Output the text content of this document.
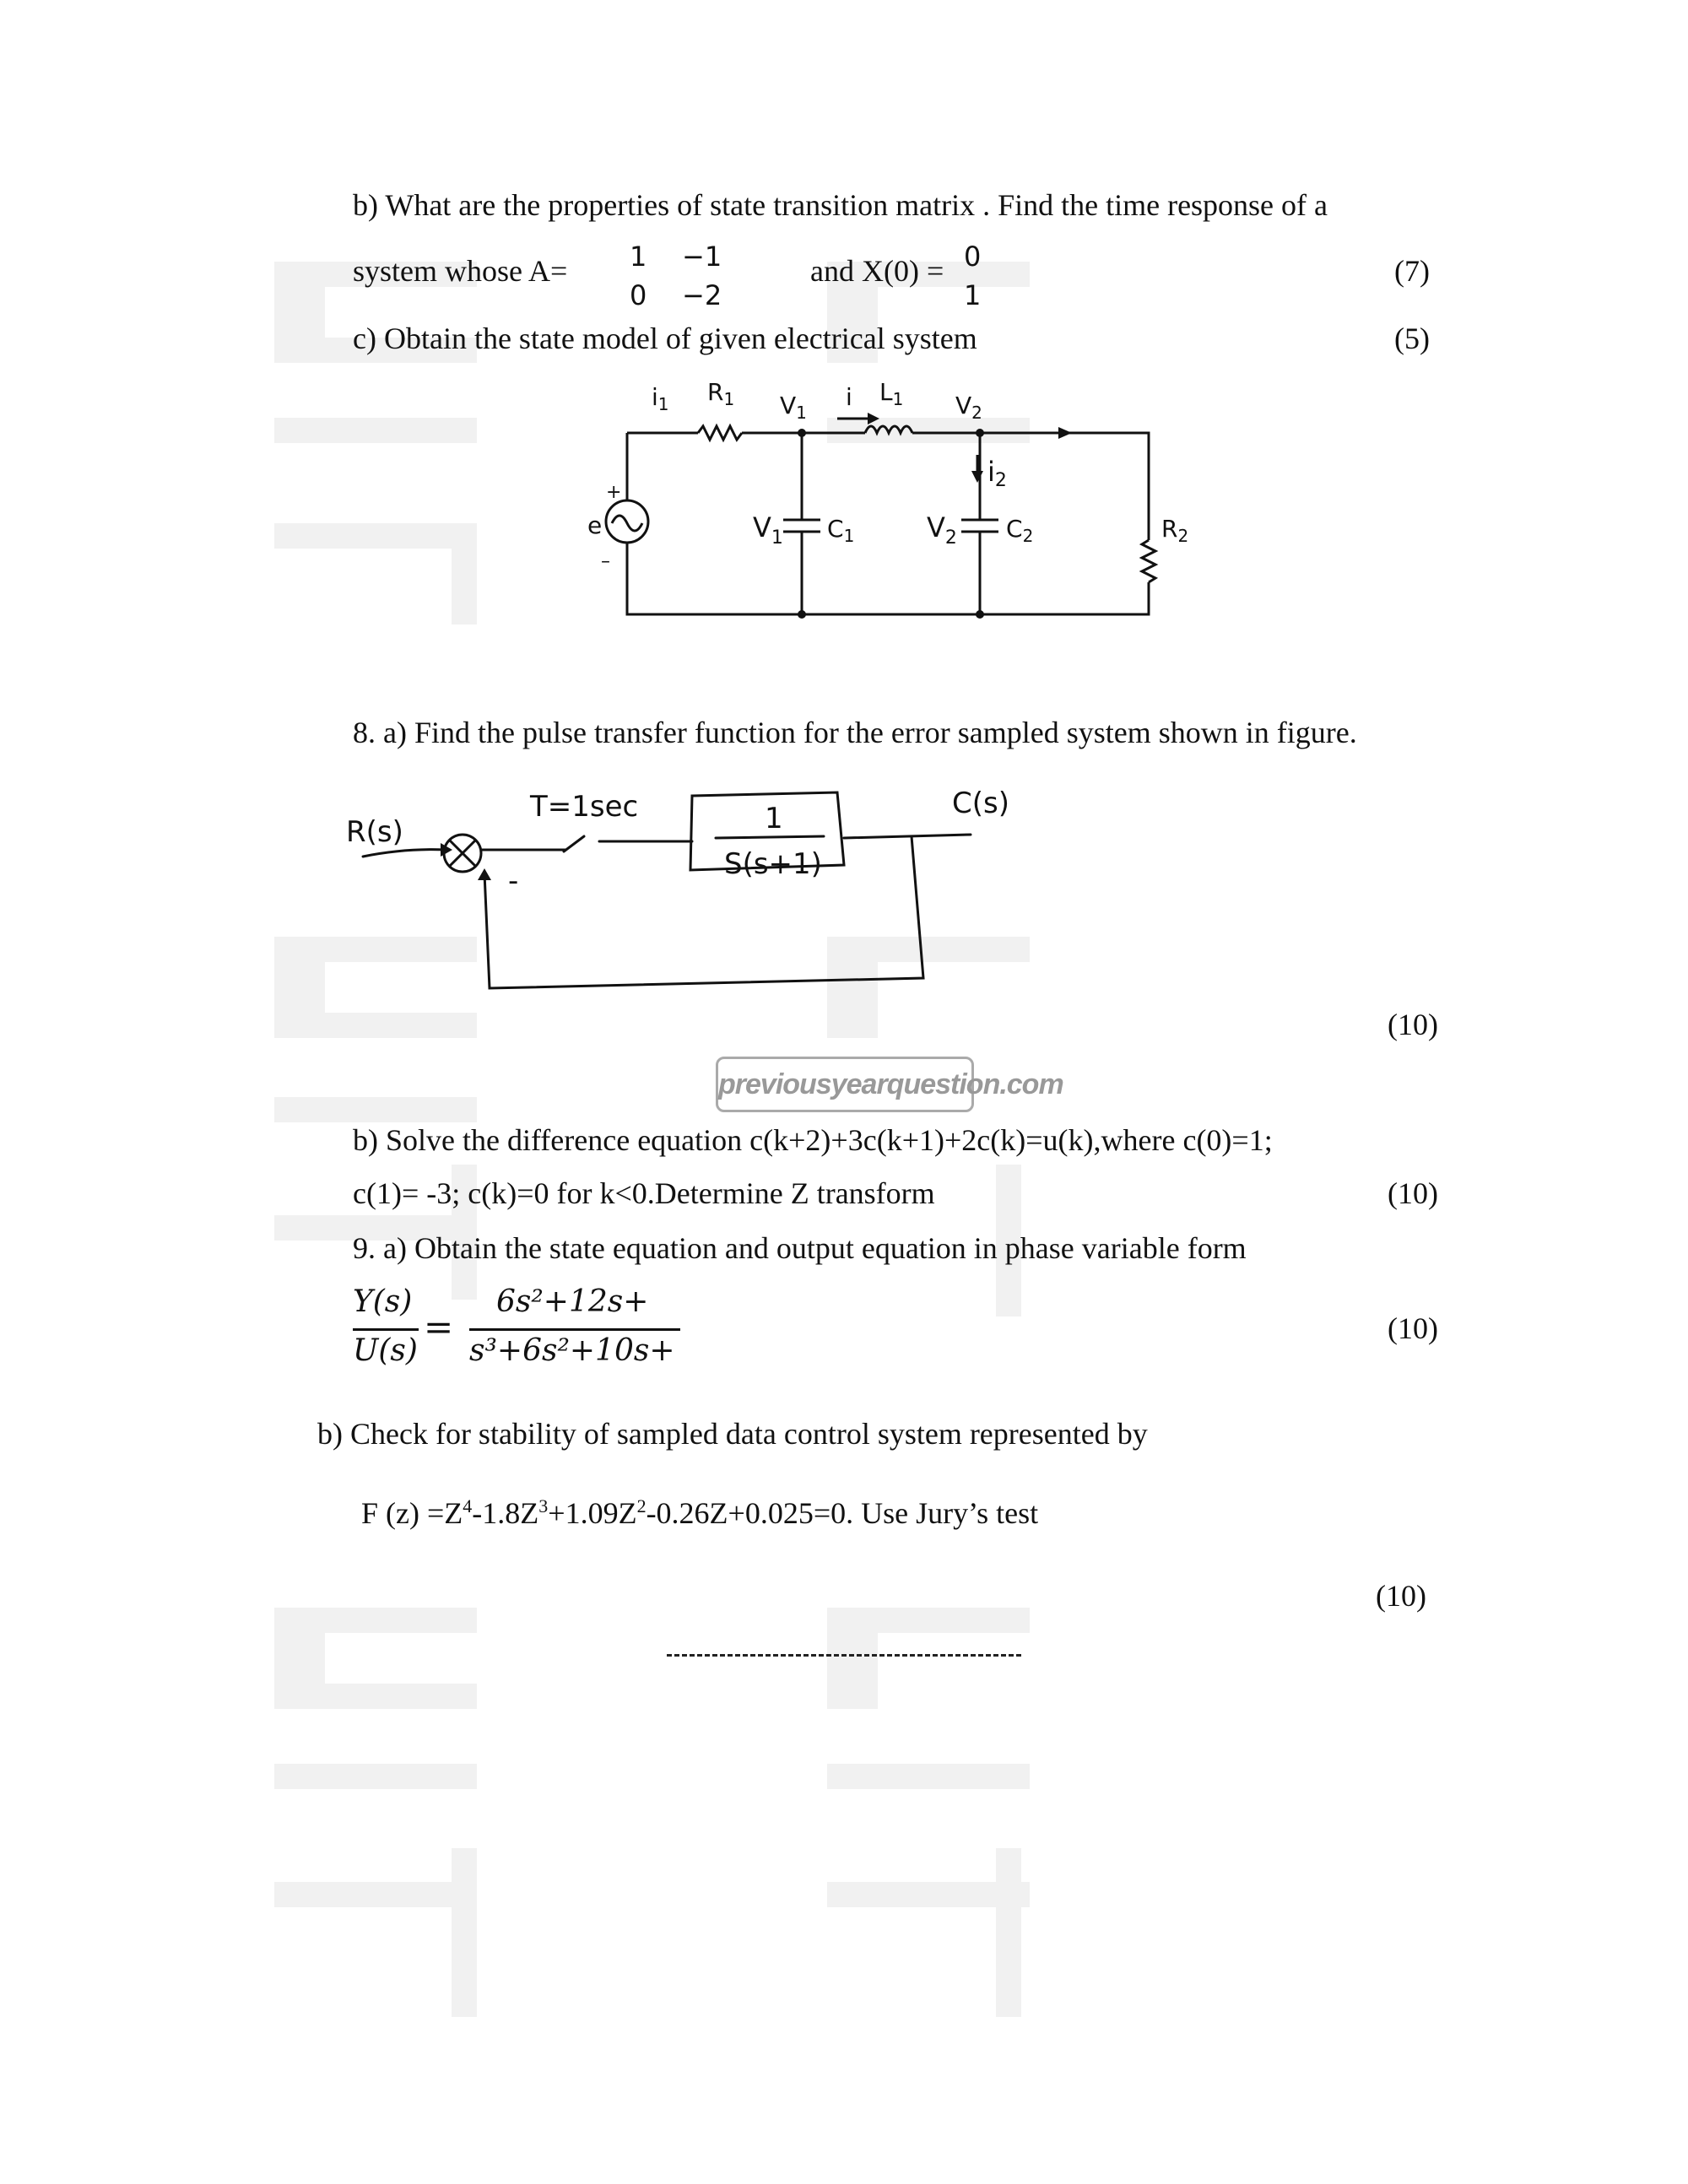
b) What are the properties of state transition matrix . Find the time response of a
system whose A= 1 −1
0 −2
and X(0) = 0
1
(7)
c) Obtain the state model of given electrical system	(5)
e
+
–
$i_1$ $R_1$ $V_1$
i $L_1$ $V_2$
i2
$V_1$ $C_1$	$V_2$ $C_2$	$R_2$
8. a) Find the pulse transfer function for the error sampled system shown in figure.
R(s)
T=1sec	1
S(s+1)
C(s)
-
(10)
previousyearquestion.com
b) Solve the difference equation c(k+2)+3c(k+1)+2c(k)=u(k),where c(0)=1;
c(1)= -3; c(k)=0 for k<0.Determine Z transform	(10)
9. a) Obtain the state equation and output equation in phase variable form
Y(s)
U(s)
=
6s²+12s+
s³+6s²+10s+
(10)
b) Check for stability of sampled data control system represented by
F $(z) =Z^4-1.8Z^3+1.09Z^2-0.26Z+0.025=0$. Use Jury’s test
(10)
